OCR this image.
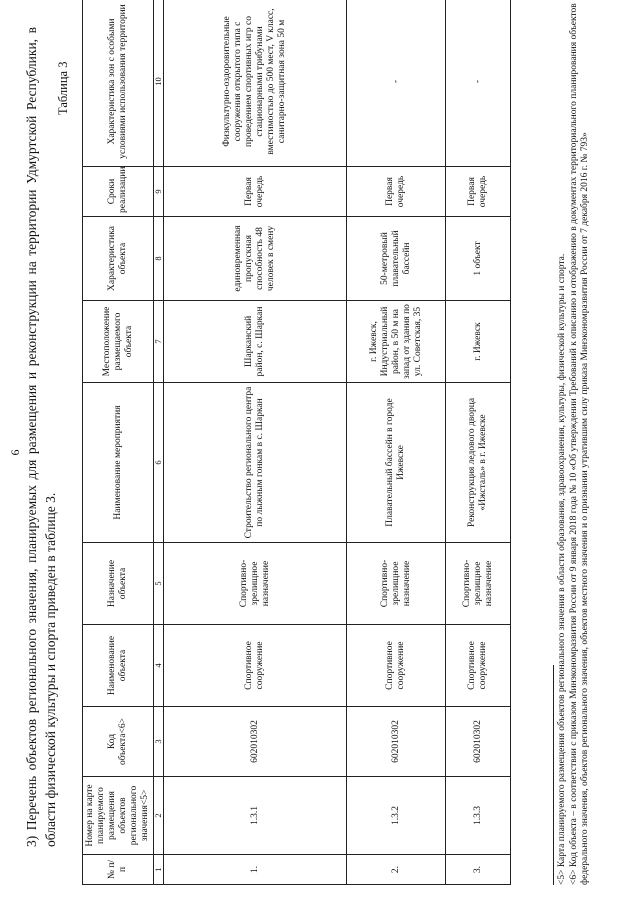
6 3) Перечень объектов регионального значения, планируемых для размещения и реконструкции на территории Удмуртской Республики, в области физической культуры и спорта приведен в таблице 3.
Таблица 3
№ п/п	Номер на карте планируемого размещения объектов регионального значения<5>	Код объекта<6>	Наименование объекта	Назначение объекта	Наименование мероприятия	Местоположение размещаемого объекта	Характеристика объекта	Сроки реализации	Характеристика зон с особыми условиями использования территории
1	2	3	4	5	6	7	8	9	10
1.	1.3.1	602010302	Спортивное сооружение	Спортивно-зрелищное назначение	Строительство регионального центра по лыжным гонкам в с. Шаркан	Шарканский район, с. Шаркан	единовременная пропускная способность 48 человек в смену	Первая очередь	Физкультурно-оздоровительные сооружения открытого типа с проведением спортивных игр со стационарными трибунами вместимостью до 500 мест, V класс, санитарно-защитная зона 50 м
2.	1.3.2	602010302	Спортивное сооружение	Спортивно-зрелищное назначение	Плавательный бассейн в городе Ижевске	г. Ижевск, Индустриальный район, в 50 м на запад от здания по ул. Советская, 35	50-метровый плавательный бассейн	Первая очередь	-
3.	1.3.3	602010302	Спортивное сооружение	Спортивно-зрелищное назначение	Реконструкция ледового дворца «Ижсталь» в г. Ижевске	г. Ижевск	1 объект	Первая очередь	-

<5> Карта планируемого размещения объектов регионального значения в области образования, здравоохранения, культуры, физической культуры и спорта. <6> Код объекта – в соответствии с приказом Минэкономразвития России от 9 января 2018 года № 10 «Об утверждении Требований к описанию и отображению в документах территориального планирования объектов федерального значения, объектов регионального значения, объектов местного значения и о признании утратившим силу приказа Минэкономразвития России от 7 декабря 2016 г. № 793»
